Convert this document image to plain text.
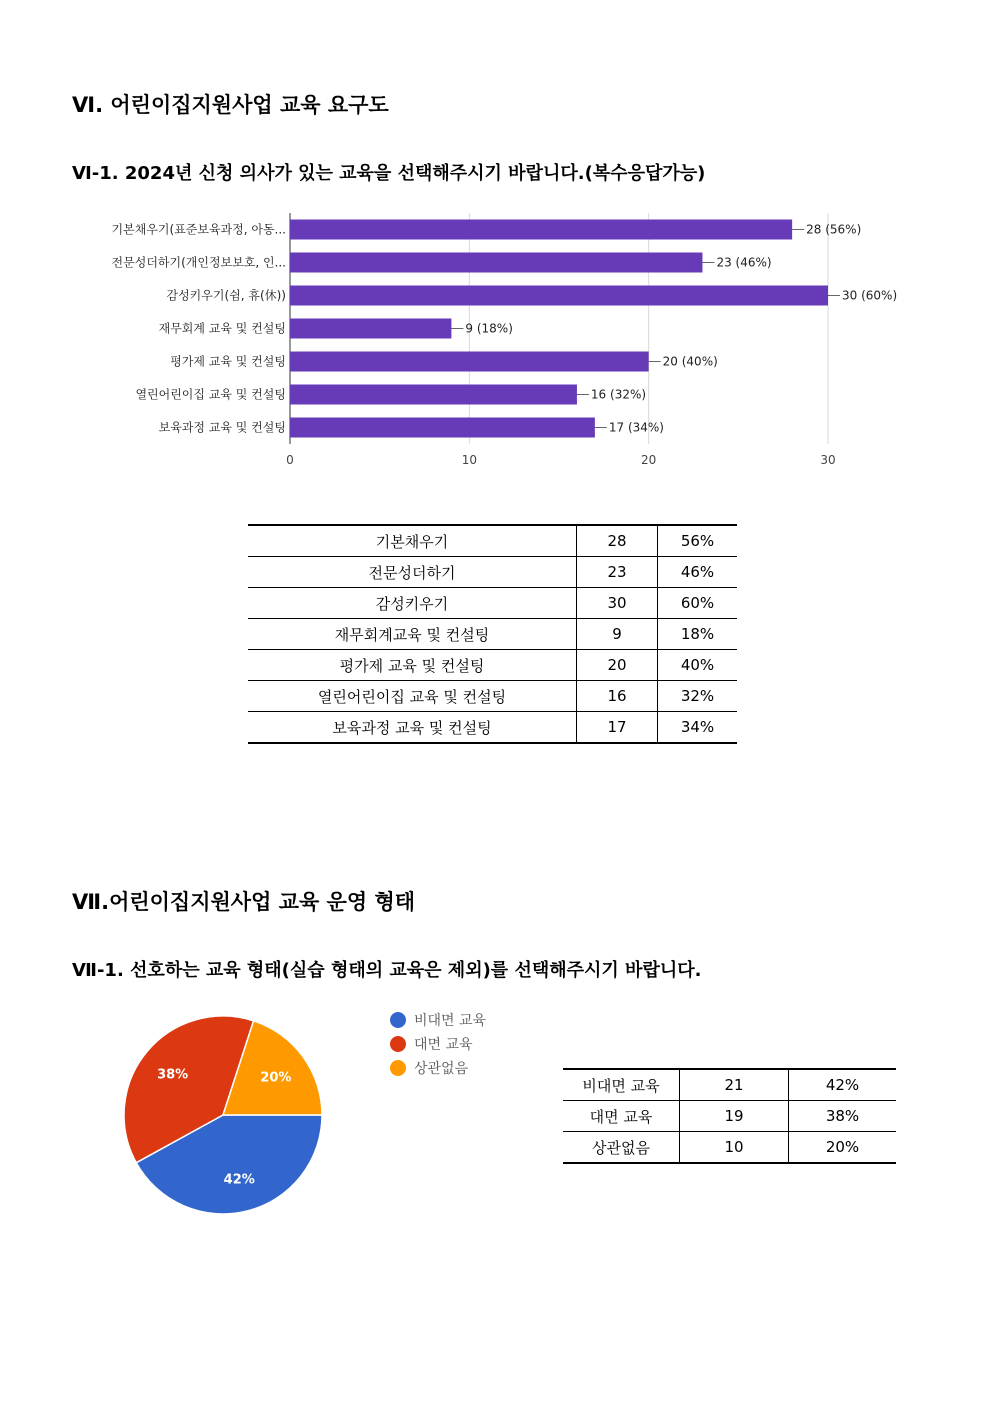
Ⅵ. 어린이집지원사업 교육 요구도
Ⅵ-1. 2024년 신청 의사가 있는 교육을 선택해주시기 바랍니다.(복수응답가능)
0	10	20	30
기본채우기(표준보육과정, 아동...	28 (56%)
전문성더하기(개인정보보호, 인...	23 (46%)
감성키우기(쉼, 휴(休))	30 (60%)
재무회계 교육 및 컨설팅	9 (18%)
평가제 교육 및 컨설팅	20 (40%)
열린어린이집 교육 및 컨설팅	16 (32%)
보육과정 교육 및 컨설팅	17 (34%)
기본채우기	28	56%
전문성더하기	23	46%
감성키우기	30	60%
재무회계교육 및 컨설팅	9	18%
평가제 교육 및 컨설팅	20	40%
열린어린이집 교육 및 컨설팅	16	32%
보육과정 교육 및 컨설팅	17	34%
Ⅶ.어린이집지원사업 교육 운영 형태
Ⅶ-1. 선호하는 교육 형태(실습 형태의 교육은 제외)를 선택해주시기 바랍니다.
42%
38%	20%
비대면 교육
대면 교육
상관없음
비대면 교육	21	42%
대면 교육	19	38%
상관없음	10	20%
